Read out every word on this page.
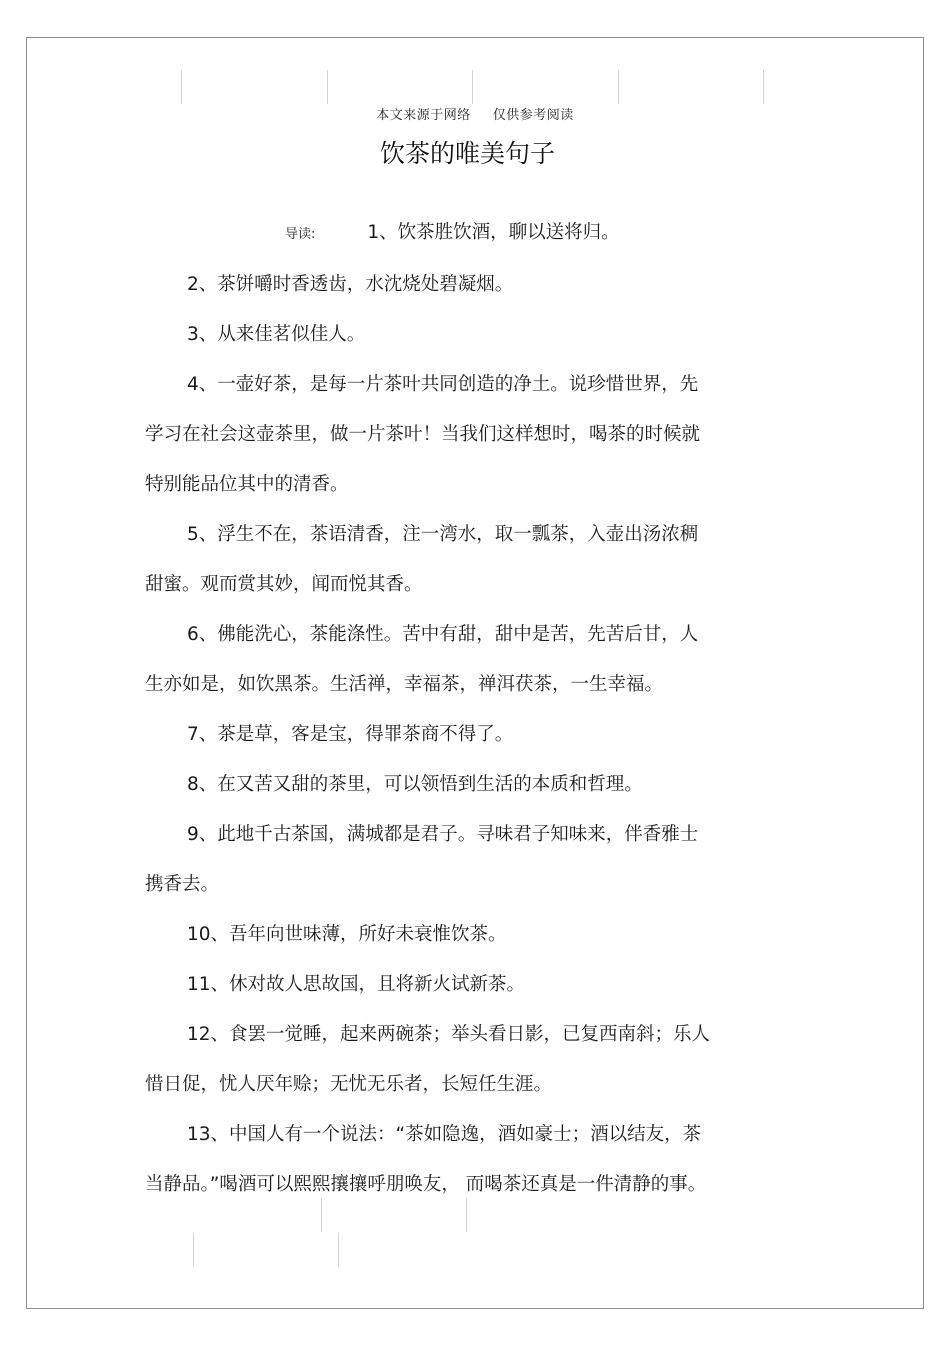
本文来源于网络 仅供参考阅读
饮茶的唯美句子

导读:	1、饮茶胜饮酒，聊以送将归。

2、茶饼嚼时香透齿，水沈烧处碧凝烟。

3、从来佳茗似佳人。

4、一壶好茶，是每一片茶叶共同创造的净土。说珍惜世界，先
学习在社会这壶茶里，做一片茶叶！当我们这样想时，喝茶的时候就
特别能品位其中的清香。

5、浮生不在，茶语清香，注一湾水，取一瓢茶，入壶出汤浓稠
甜蜜。观而赏其妙，闻而悦其香。

6、佛能洗心，茶能涤性。苦中有甜，甜中是苦，先苦后甘，人
生亦如是，如饮黑茶。生活禅，幸福茶，禅洱茯茶，一生幸福。

7、茶是草，客是宝，得罪茶商不得了。

8、在又苦又甜的茶里，可以领悟到生活的本质和哲理。

9、此地千古茶国，满城都是君子。寻味君子知味来，伴香雅士
携香去。

10、吾年向世味薄，所好未衰惟饮茶。

11、休对故人思故国，且将新火试新茶。

12、食罢一觉睡，起来两碗茶；举头看日影，已复西南斜；乐人
惜日促，忧人厌年赊；无忧无乐者，长短任生涯。

13、中国人有一个说法：“茶如隐逸，酒如豪士；酒以结友，茶
当静品。”喝酒可以熙熙攘攘呼朋唤友， 而喝茶还真是一件清静的事。
